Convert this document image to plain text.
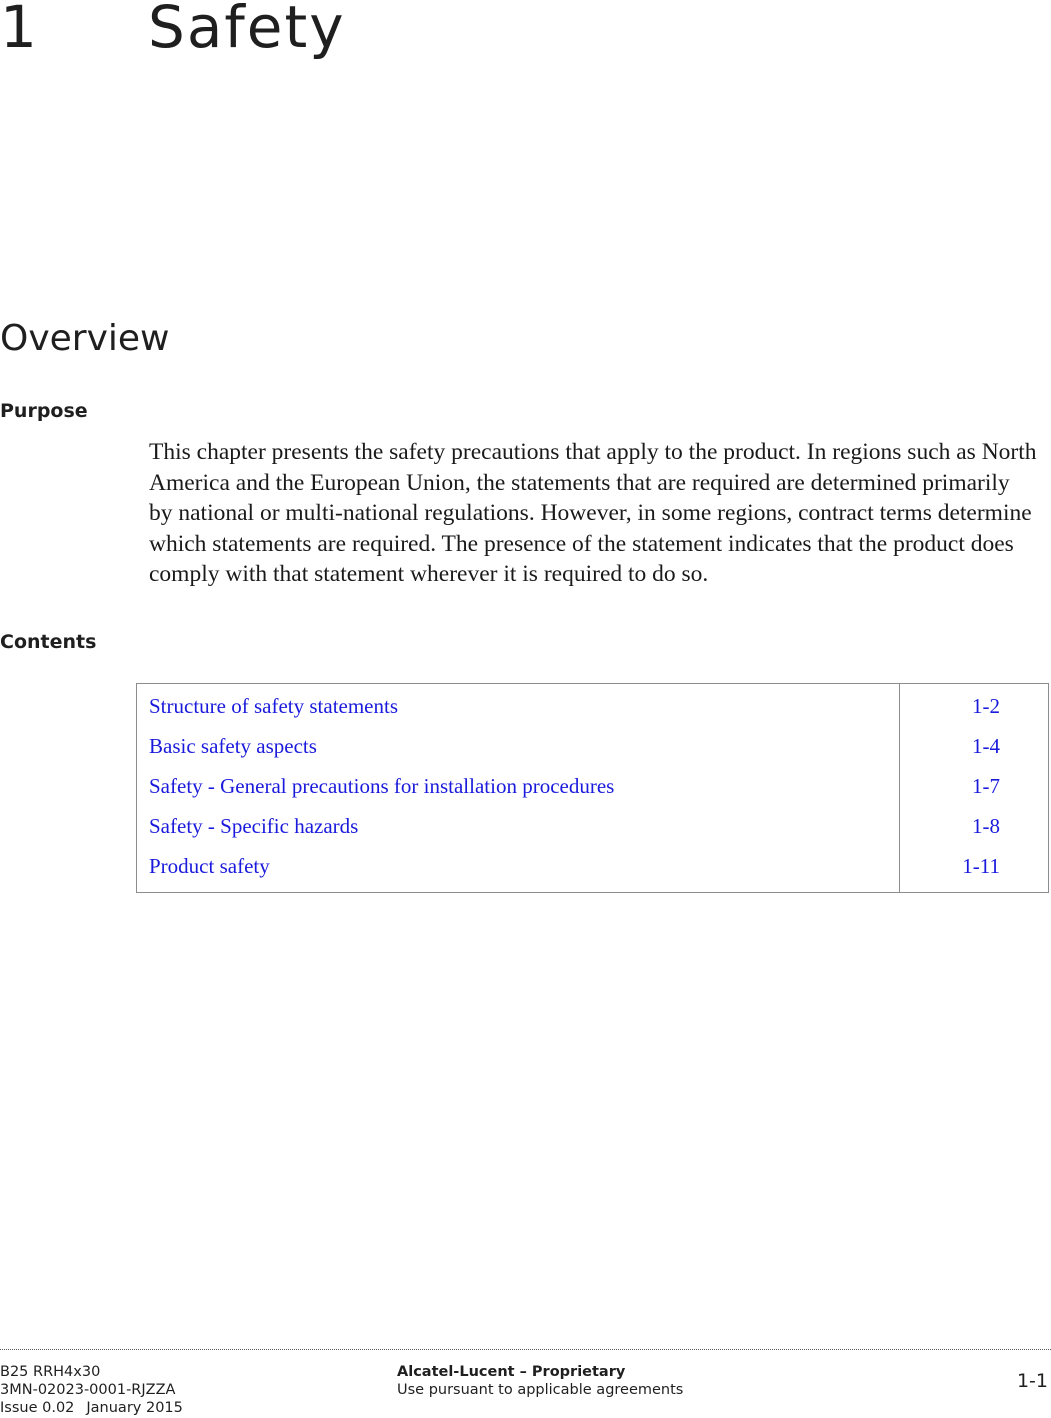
1 Safety
Overview
Purpose
This chapter presents the safety precautions that apply to the product. In regions such as North America and the European Union, the statements that are required are determined primarily by national or multi-national regulations. However, in some regions, contract terms determine which statements are required. The presence of the statement indicates that the product does comply with that statement wherever it is required to do so.
Contents
Structure of safety statements	1-2
Basic safety aspects	1-4
Safety - General precautions for installation procedures	1-7
Safety - Specific hazards	1-8
Product safety	1-11
B25 RRH4x30
3MN-02023-0001-RJZZA
Issue 0.02 January 2015
Alcatel-Lucent – Proprietary
Use pursuant to applicable agreements	1-1
